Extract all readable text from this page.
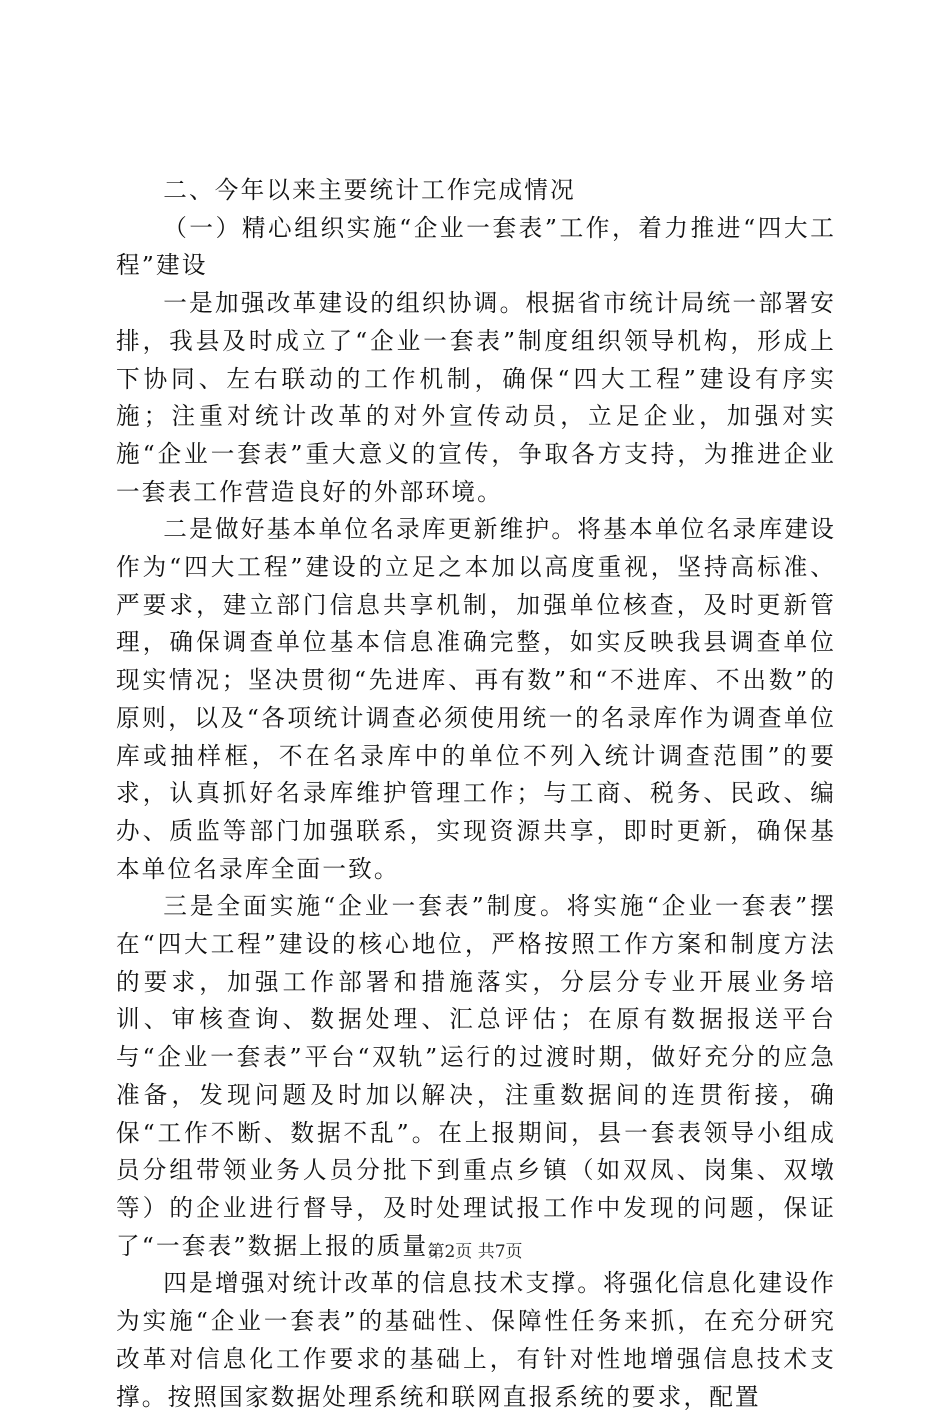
二、今年以来主要统计工作完成情况

（一）精心组织实施“企业一套表”工作，着力推进“四大工程”建设

一是加强改革建设的组织协调。根据省市统计局统一部署安排，我县及时成立了“企业一套表”制度组织领导机构，形成上下协同、左右联动的工作机制，确保“四大工程”建设有序实施；注重对统计改革的对外宣传动员，立足企业，加强对实施“企业一套表”重大意义的宣传，争取各方支持，为推进企业一套表工作营造良好的外部环境。

二是做好基本单位名录库更新维护。将基本单位名录库建设作为“四大工程”建设的立足之本加以高度重视，坚持高标准、严要求，建立部门信息共享机制，加强单位核查，及时更新管理，确保调查单位基本信息准确完整，如实反映我县调查单位现实情况；坚决贯彻“先进库、再有数”和“不进库、不出数”的原则，以及“各项统计调查必须使用统一的名录库作为调查单位库或抽样框，不在名录库中的单位不列入统计调查范围”的要求，认真抓好名录库维护管理工作；与工商、税务、民政、编办、质监等部门加强联系，实现资源共享，即时更新，确保基本单位名录库全面一致。

三是全面实施“企业一套表”制度。将实施“企业一套表”摆在“四大工程”建设的核心地位，严格按照工作方案和制度方法的要求，加强工作部署和措施落实，分层分专业开展业务培训、审核查询、数据处理、汇总评估；在原有数据报送平台与“企业一套表”平台“双轨”运行的过渡时期，做好充分的应急准备，发现问题及时加以解决，注重数据间的连贯衔接，确保“工作不断、数据不乱”。在上报期间，县一套表领导小组成员分组带领业务人员分批下到重点乡镇（如双凤、岗集、双墩等）的企业进行督导，及时处理试报工作中发现的问题，保证了“一套表”数据上报的质量。

四是增强对统计改革的信息技术支撑。将强化信息化建设作为实施“企业一套表”的基础性、保障性任务来抓，在充分研究改革对信息化工作要求的基础上，有针对性地增强信息技术支撑。按照国家数据处理系统和联网直报系统的要求，配置

第2页 共7页
